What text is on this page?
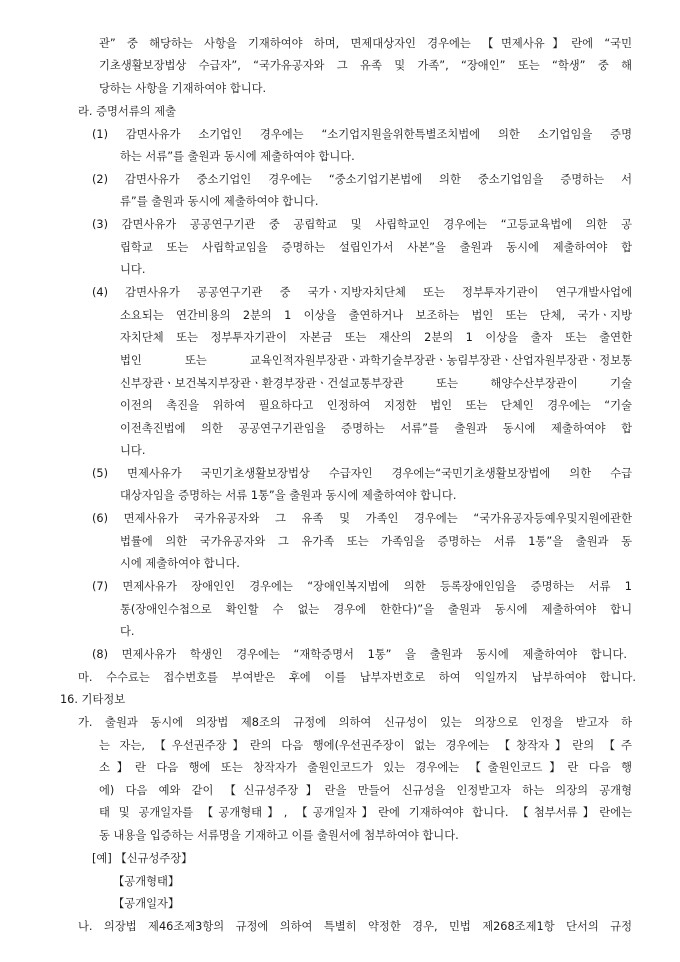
관” 중 해당하는 사항을 기재하여야 하며, 면제대상자인 경우에는 【면제사유】란에 “국민
기초생활보장법상 수급자”, “국가유공자와 그 유족 및 가족”, “장애인” 또는 “학생” 중 해
당하는 사항을 기재하여야 합니다.
라. 증명서류의 제출
(1) 감면사유가 소기업인 경우에는 “소기업지원을위한특별조치법에 의한 소기업임을 증명
하는 서류”를 출원과 동시에 제출하여야 합니다.
(2) 감면사유가 중소기업인 경우에는 “중소기업기본법에 의한 중소기업임을 증명하는 서
류”를 출원과 동시에 제출하여야 합니다.
(3) 감면사유가 공공연구기관 중 공립학교 및 사립학교인 경우에는 “고등교육법에 의한 공
립학교 또는 사립학교임을 증명하는 설립인가서 사본”을 출원과 동시에 제출하여야 합
니다.
(4) 감면사유가 공공연구기관 중 국가ㆍ지방자치단체 또는 정부투자기관이 연구개발사업에
소요되는 연간비용의 2분의 1 이상을 출연하거나 보조하는 법인 또는 단체, 국가ㆍ지방
자치단체 또는 정부투자기관이 자본금 또는 재산의 2분의 1 이상을 출자 또는 출연한
법인 또는 교육인적자원부장관ㆍ과학기술부장관ㆍ농림부장관ㆍ산업자원부장관ㆍ정보통
신부장관ㆍ보건복지부장관ㆍ환경부장관ㆍ건설교통부장관 또는 해양수산부장관이 기술
이전의 촉진을 위하여 필요하다고 인정하여 지정한 법인 또는 단체인 경우에는 “기술
이전촉진법에 의한 공공연구기관임을 증명하는 서류”를 출원과 동시에 제출하여야 합
니다.
(5) 면제사유가 국민기초생활보장법상 수급자인 경우에는“국민기초생활보장법에 의한 수급
대상자임을 증명하는 서류 1통”을 출원과 동시에 제출하여야 합니다.
(6) 면제사유가 국가유공자와 그 유족 및 가족인 경우에는 “국가유공자등예우및지원에관한
법률에 의한 국가유공자와 그 유가족 또는 가족임을 증명하는 서류 1통”을 출원과 동
시에 제출하여야 합니다.
(7) 면제사유가 장애인인 경우에는 “장애인복지법에 의한 등록장애인임을 증명하는 서류 1
통(장애인수첩으로 확인할 수 없는 경우에 한한다)”을 출원과 동시에 제출하여야 합니
다.
(8) 면제사유가 학생인 경우에는 “재학증명서 1통” 을 출원과 동시에 제출하여야 합니다.
마. 수수료는 접수번호를 부여받은 후에 이를 납부자번호로 하여 익일까지 납부하여야 합니다.
16. 기타정보
가. 출원과 동시에 의장법 제8조의 규정에 의하여 신규성이 있는 의장으로 인정을 받고자 하
는 자는, 【우선권주장】란의 다음 행에(우선권주장이 없는 경우에는 【창작자】란의 【주
소】란 다음 행에 또는 창작자가 출원인코드가 있는 경우에는 【출원인코드】란 다음 행
에) 다음 예와 같이 【신규성주장】란을 만들어 신규성을 인정받고자 하는 의장의 공개형
태 및 공개일자를 【공개형태】, 【공개일자】란에 기재하여야 합니다. 【첨부서류】란에는
동 내용을 입증하는 서류명을 기재하고 이를 출원서에 첨부하여야 합니다.
[예] 【신규성주장】
【공개형태】
【공개일자】
나. 의장법 제46조제3항의 규정에 의하여 특별히 약정한 경우, 민법 제268조제1항 단서의 규정
